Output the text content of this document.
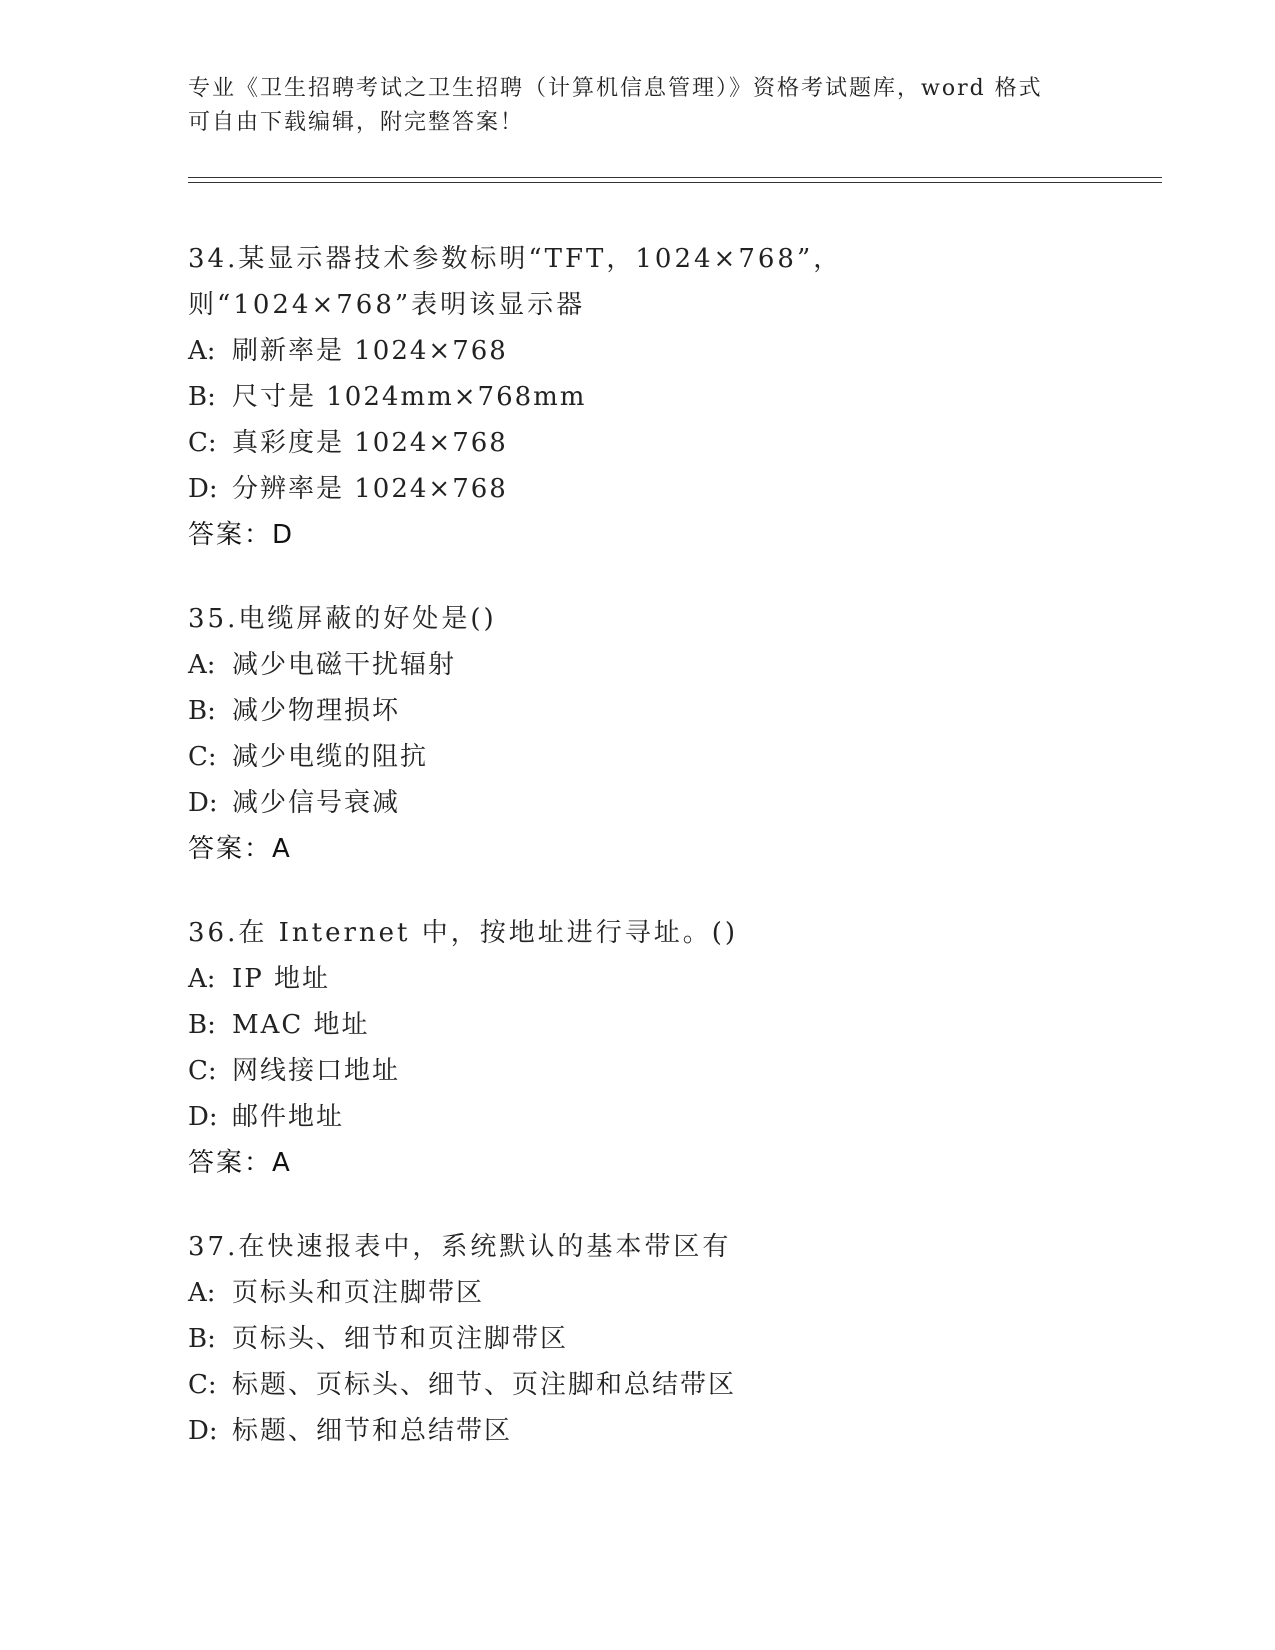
专业《卫生招聘考试之卫生招聘（计算机信息管理）》资格考试题库，word 格式
可自由下载编辑，附完整答案！
34.某显示器技术参数标明“TFT，1024×768”，则“1024×768”表明该显示器
A: 刷新率是 1024×768
B: 尺寸是 1024mm×768mm
C: 真彩度是 1024×768
D: 分辨率是 1024×768
答案：D
35.电缆屏蔽的好处是()
A: 减少电磁干扰辐射
B: 减少物理损坏
C: 减少电缆的阻抗
D: 减少信号衰减
答案：A
36.在 Internet 中，按地址进行寻址。()
A: IP 地址
B: MAC 地址
C: 网线接口地址
D: 邮件地址
答案：A
37.在快速报表中，系统默认的基本带区有
A: 页标头和页注脚带区
B: 页标头、细节和页注脚带区
C: 标题、页标头、细节、页注脚和总结带区
D: 标题、细节和总结带区
